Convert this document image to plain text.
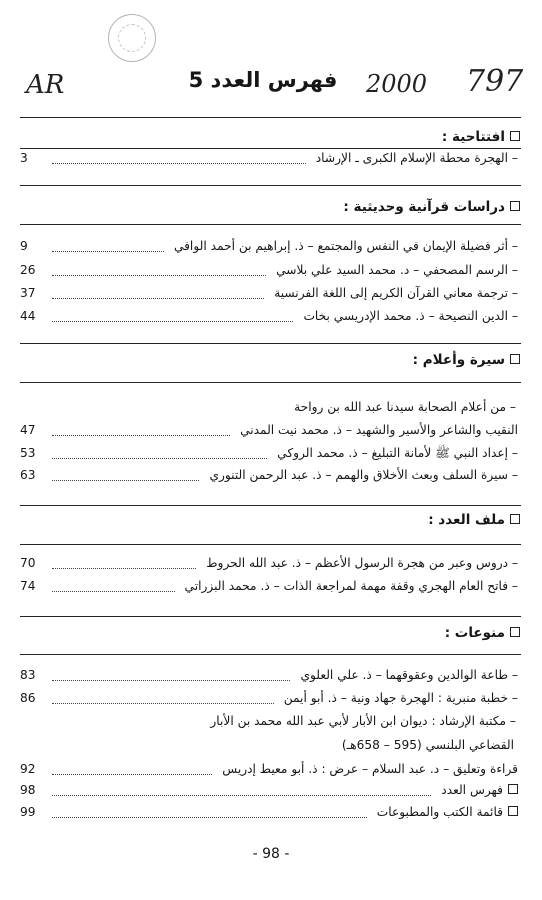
AR	فهرس العدد 5	2000 797
افتتاحية :
– الهجرة محطة الإسلام الكبرى ـ الإرشاد
3
دراسات قرآنية وحديثية :
– أثر فضيلة الإيمان في النفس والمجتمع – ذ. إبراهيم بن أحمد الوافي
9
– الرسم المصحفي – د. محمد السيد علي بلاسي
26
– ترجمة معاني القرآن الكريم إلى اللغة الفرنسية
37
– الدين النصيحة – ذ. محمد الإدريسي بخات
44
سيرة وأعلام :
– من أعلام الصحابة سيدنا عبد الله بن رواحة
النقيب والشاعر والأسير والشهيد – ذ. محمد نيت المدني
47
– إعداد النبي ﷺ لأمانة التبليغ – ذ. محمد الروكي
53
– سيرة السلف وبعث الأخلاق والهمم – ذ. عبد الرحمن التنوري
63
ملف العدد :
– دروس وعبر من هجرة الرسول الأعظم – ذ. عبد الله الحروط
70
– فاتح العام الهجري وقفة مهمة لمراجعة الذات – ذ. محمد البزراتي
74
منوعات :
– طاعة الوالدين وعقوقهما – ذ. علي العلوي
83
– خطبة منبرية : الهجرة جهاد ونية – ذ. أبو أيمن
86
– مكتبة الإرشاد : ديوان ابن الأبار لأبي عبد الله محمد بن الأبار
القضاعي البلنسي (595 – 658هـ)
قراءة وتعليق – د. عبد السلام – عرض : ذ. أبو معيط إدريس
92
فهرس العدد
98
قائمة الكتب والمطبوعات
99
- 98 -
